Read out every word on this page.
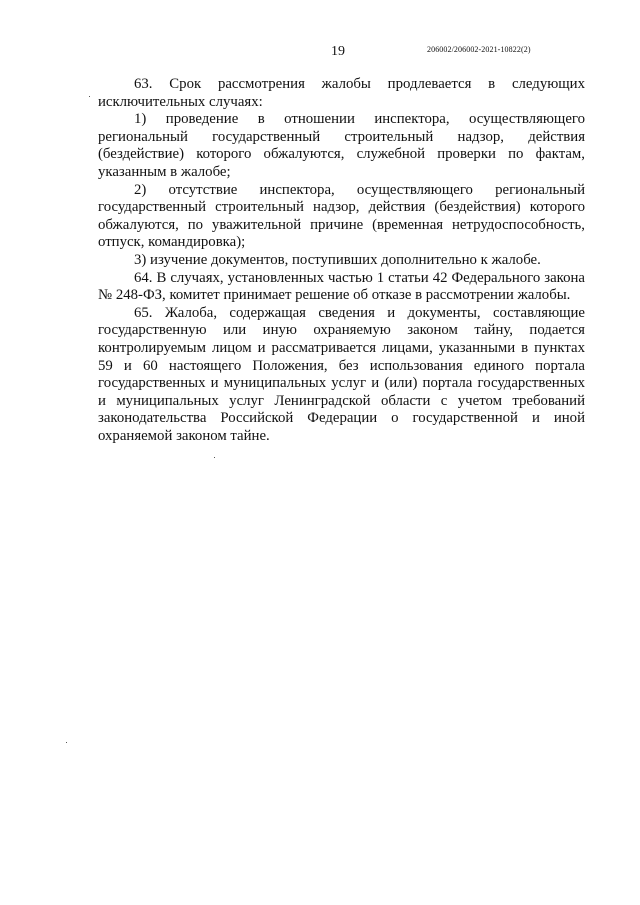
19	206002/206002-2021-10822(2)

63. Срок рассмотрения жалобы продлевается в следующих исключительных случаях:

1) проведение в отношении инспектора, осуществляющего региональный государственный строительный надзор, действия (бездействие) которого обжалуются, служебной проверки по фактам, указанным в жалобе;

2) отсутствие инспектора, осуществляющего региональный государственный строительный надзор, действия (бездействия) которого обжалуются, по уважительной причине (временная нетрудоспособность, отпуск, командировка);

3) изучение документов, поступивших дополнительно к жалобе.

64. В случаях, установленных частью 1 статьи 42 Федерального закона № 248-ФЗ, комитет принимает решение об отказе в рассмотрении жалобы.

65. Жалоба, содержащая сведения и документы, составляющие государственную или иную охраняемую законом тайну, подается контролируемым лицом и рассматривается лицами, указанными в пунктах 59 и 60 настоящего Положения, без использования единого портала государственных и муниципальных услуг и (или) портала государственных и муниципальных услуг Ленинградской области с учетом требований законодательства Российской Федерации о государственной и иной охраняемой законом тайне.
